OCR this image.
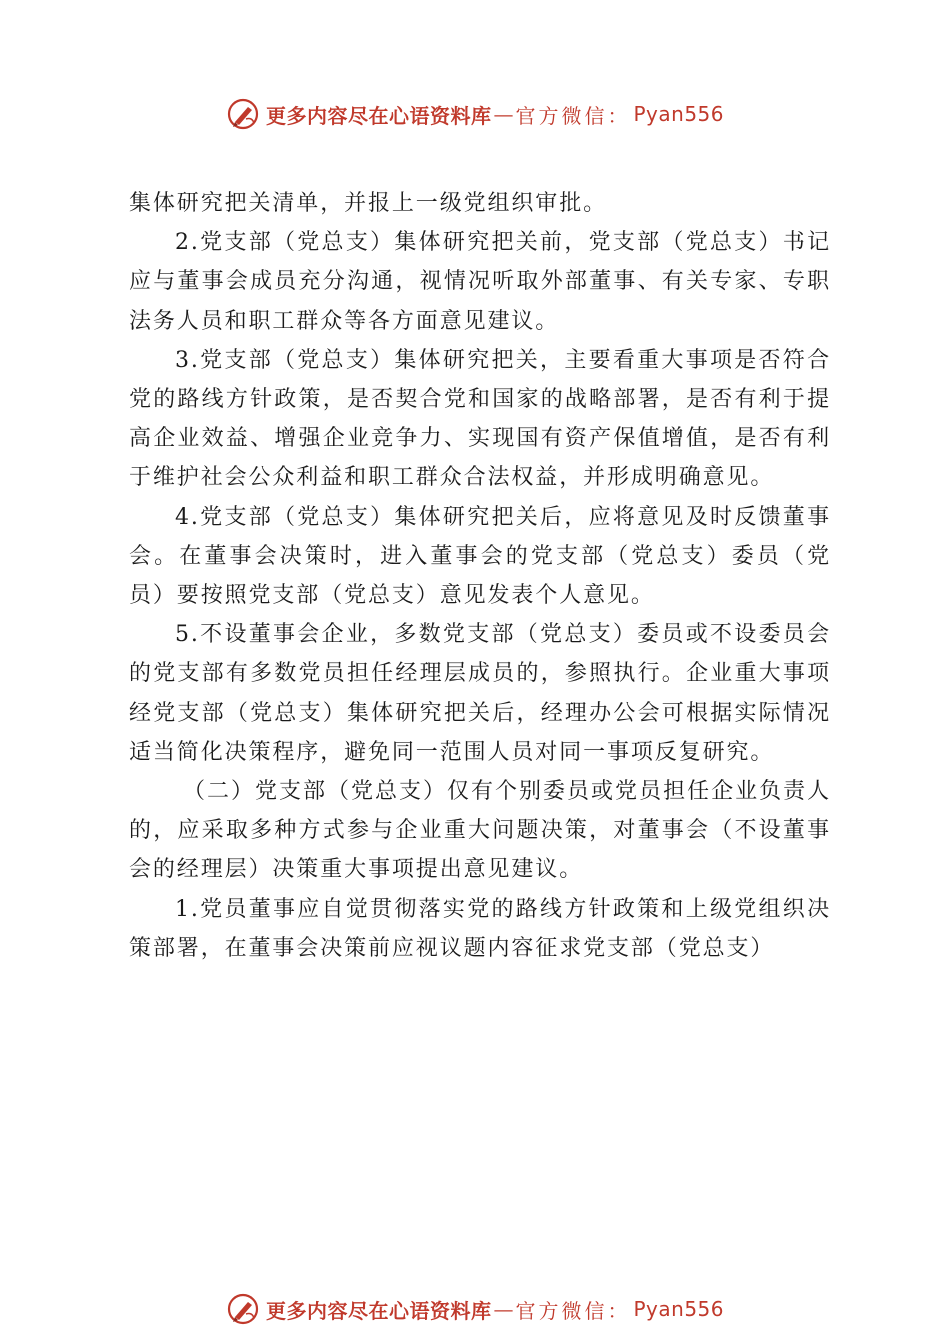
更多内容尽在心语资料库 — 官方微信 ： Pyan556

集体研究把关清单，并报上一级党组织审批。

2.党支部（党总支）集体研究把关前，党支部（党总支）书记应与董事会成员充分沟通，视情况听取外部董事、有关专家、专职法务人员和职工群众等各方面意见建议。

3.党支部（党总支）集体研究把关，主要看重大事项是否符合党的路线方针政策，是否契合党和国家的战略部署，是否有利于提高企业效益、增强企业竞争力、实现国有资产保值增值，是否有利于维护社会公众利益和职工群众合法权益，并形成明确意见。

4.党支部（党总支）集体研究把关后，应将意见及时反馈董事会。在董事会决策时，进入董事会的党支部（党总支）委员（党员）要按照党支部（党总支）意见发表个人意见。

5.不设董事会企业，多数党支部（党总支）委员或不设委员会的党支部有多数党员担任经理层成员的，参照执行。企业重大事项经党支部（党总支）集体研究把关后，经理办公会可根据实际情况适当简化决策程序，避免同一范围人员对同一事项反复研究。

（二）党支部（党总支）仅有个别委员或党员担任企业负责人的，应采取多种方式参与企业重大问题决策，对董事会（不设董事会的经理层）决策重大事项提出意见建议。

1.党员董事应自觉贯彻落实党的路线方针政策和上级党组织决策部署，在董事会决策前应视议题内容征求党支部（党总支）

更多内容尽在心语资料库 — 官方微信 ： Pyan556
